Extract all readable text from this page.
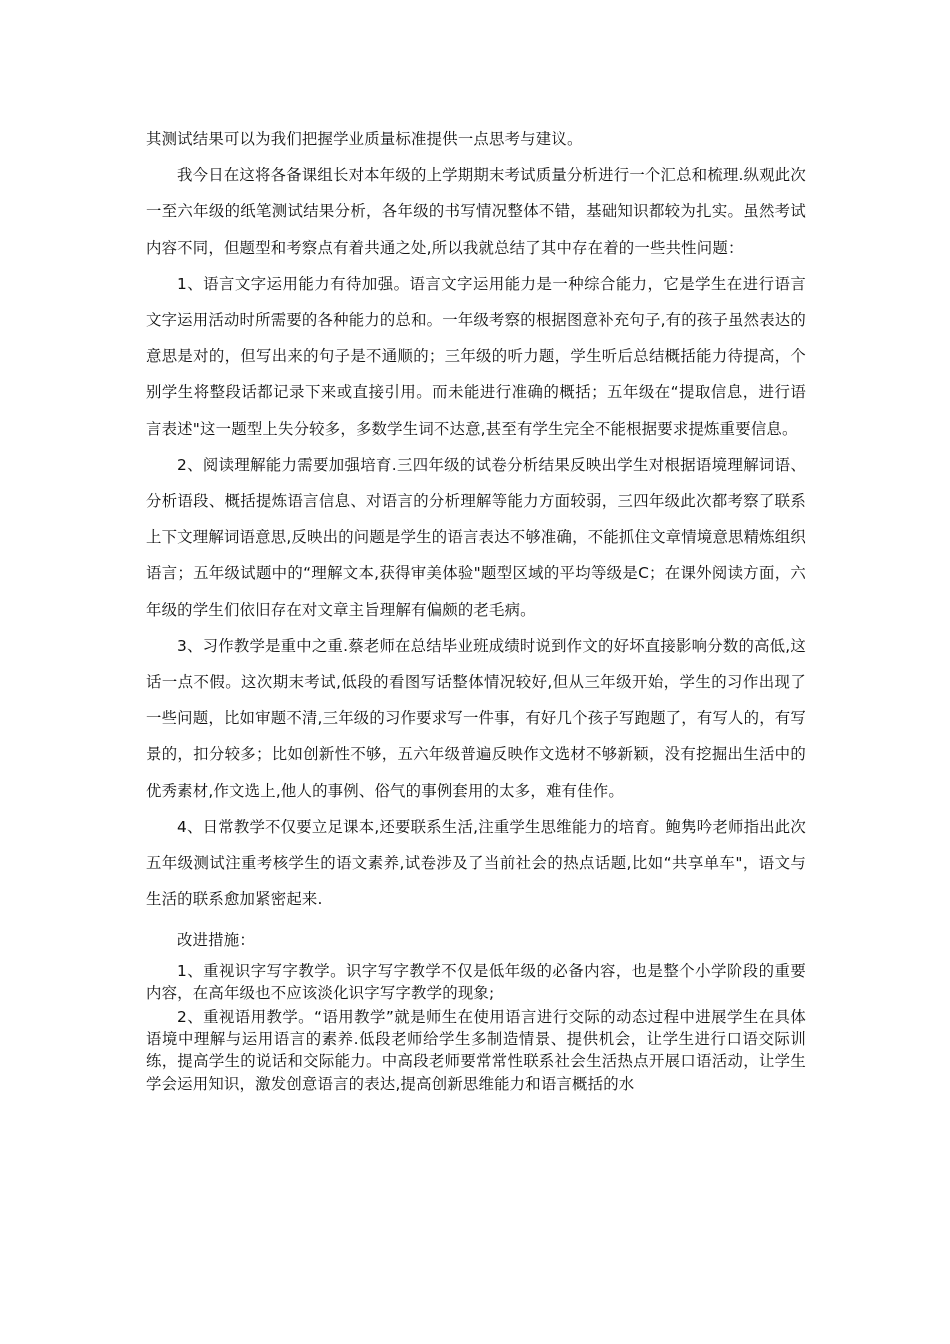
其测试结果可以为我们把握学业质量标准提供一点思考与建议。

我今日在这将各备课组长对本年级的上学期期末考试质量分析进行一个汇总和梳理.纵观此次一至六年级的纸笔测试结果分析，各年级的书写情况整体不错，基础知识都较为扎实。虽然考试内容不同，但题型和考察点有着共通之处,所以我就总结了其中存在着的一些共性问题：

1、语言文字运用能力有待加强。语言文字运用能力是一种综合能力，它是学生在进行语言文字运用活动时所需要的各种能力的总和。一年级考察的根据图意补充句子,有的孩子虽然表达的意思是对的，但写出来的句子是不通顺的；三年级的听力题，学生听后总结概括能力待提高，个别学生将整段话都记录下来或直接引用。而未能进行准确的概括；五年级在“提取信息，进行语言表述"这一题型上失分较多，多数学生词不达意,甚至有学生完全不能根据要求提炼重要信息。

2、阅读理解能力需要加强培育.三四年级的试卷分析结果反映出学生对根据语境理解词语、分析语段、概括提炼语言信息、对语言的分析理解等能力方面较弱，三四年级此次都考察了联系上下文理解词语意思,反映出的问题是学生的语言表达不够准确，不能抓住文章情境意思精炼组织语言；五年级试题中的“理解文本,获得审美体验"题型区域的平均等级是C；在课外阅读方面，六年级的学生们依旧存在对文章主旨理解有偏颇的老毛病。

3、习作教学是重中之重.蔡老师在总结毕业班成绩时说到作文的好坏直接影响分数的高低,这话一点不假。这次期末考试,低段的看图写话整体情况较好,但从三年级开始，学生的习作出现了一些问题，比如审题不清,三年级的习作要求写一件事，有好几个孩子写跑题了，有写人的，有写景的，扣分较多；比如创新性不够，五六年级普遍反映作文选材不够新颖，没有挖掘出生活中的优秀素材,作文选上,他人的事例、俗气的事例套用的太多，难有佳作。

4、日常教学不仅要立足课本,还要联系生活,注重学生思维能力的培育。鲍隽吟老师指出此次五年级测试注重考核学生的语文素养,试卷涉及了当前社会的热点话题,比如“共享单车"，语文与生活的联系愈加紧密起来.

改进措施：

1、重视识字写字教学。识字写字教学不仅是低年级的必备内容，也是整个小学阶段的重要内容，在高年级也不应该淡化识字写字教学的现象;

2、重视语用教学。“语用教学”就是师生在使用语言进行交际的动态过程中进展学生在具体语境中理解与运用语言的素养.低段老师给学生多制造情景、提供机会，让学生进行口语交际训练，提高学生的说话和交际能力。中高段老师要常常性联系社会生活热点开展口语活动，让学生学会运用知识，激发创意语言的表达,提高创新思维能力和语言概括的水
